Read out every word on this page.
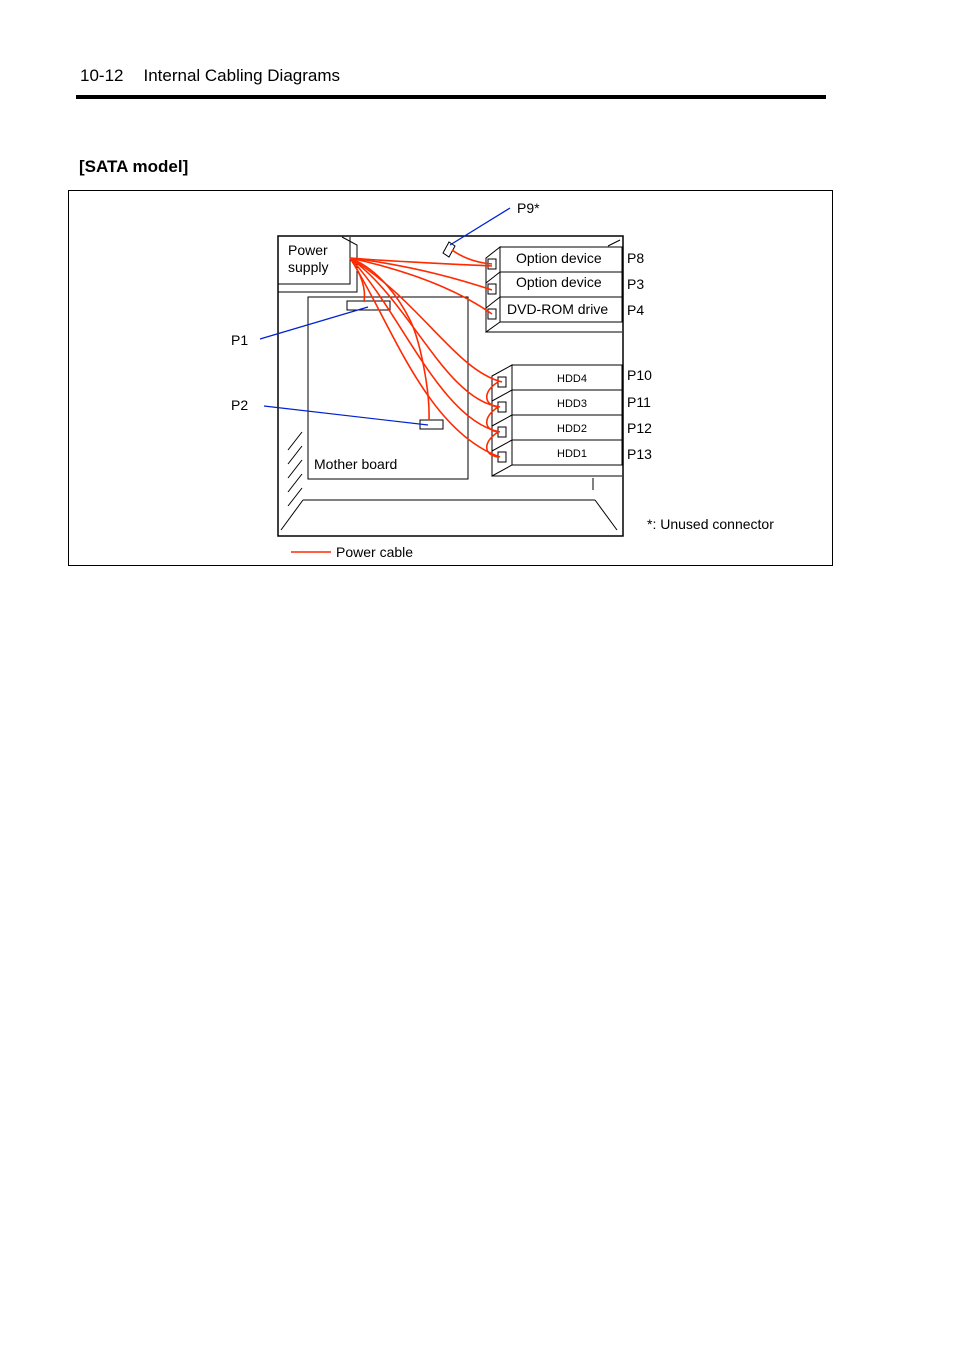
10-12 Internal Cabling Diagrams
[SATA model]
Power
supply
Mother board
Option device
Option device
DVD-ROM drive
HDD4
HDD3
HDD2
HDD1
P9*
P8
P3
P4
P1
P2
P10
P11
P12
P13
*: Unused connector
Power cable
